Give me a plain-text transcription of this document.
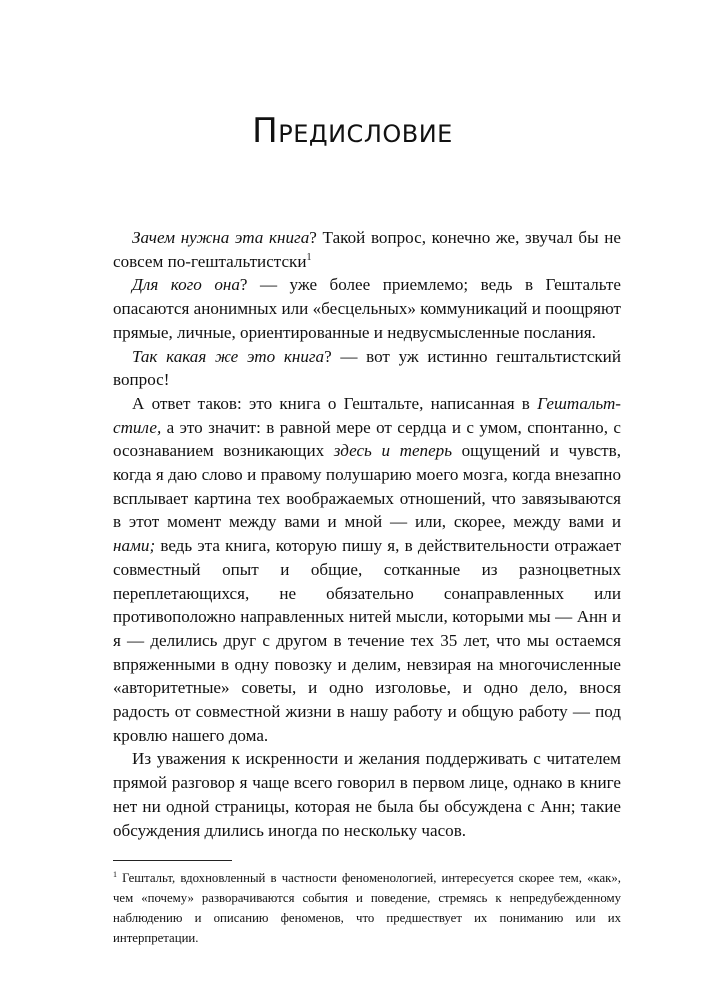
Предисловие

Зачем нужна эта книга? Такой вопрос, конечно же, звучал бы не совсем по-гештальтистски$^1$

Для кого она? — уже более приемлемо; ведь в Гештальте опасаются анонимных или «бесцельных» коммуникаций и поощряют прямые, личные, ориентированные и недвусмысленные послания.

Так какая же это книга? — вот уж истинно гештальтистский вопрос!

А ответ таков: это книга о Гештальте, написанная в Гештальт-стиле, а это значит: в равной мере от сердца и с умом, спонтанно, с осознаванием возникающих здесь и теперь ощущений и чувств, когда я даю слово и правому полушарию моего мозга, когда внезапно всплывает картина тех воображаемых отношений, что завязываются в этот момент между вами и мной — или, скорее, между вами и нами; ведь эта книга, которую пишу я, в действительности отражает совместный опыт и общие, сотканные из разноцветных переплетающихся, не обязательно сонаправленных или противоположно направленных нитей мысли, которыми мы — Анн и я — делились друг с другом в течение тех 35 лет, что мы остаемся впряженными в одну повозку и делим, невзирая на многочисленные «авторитетные» советы, и одно изголовье, и одно дело, внося радость от совместной жизни в нашу работу и общую работу — под кровлю нашего дома.

Из уважения к искренности и желания поддерживать с читателем прямой разговор я чаще всего говорил в первом лице, однако в книге нет ни одной страницы, которая не была бы обсуждена с Анн; такие обсуждения длились иногда по нескольку часов.

$^1$ Гештальт, вдохновленный в частности феноменологией, интересуется скорее тем, «как», чем «почему» разворачиваются события и поведение, стремясь к непредубежденному наблюдению и описанию феноменов, что предшествует их пониманию или их интерпретации.
